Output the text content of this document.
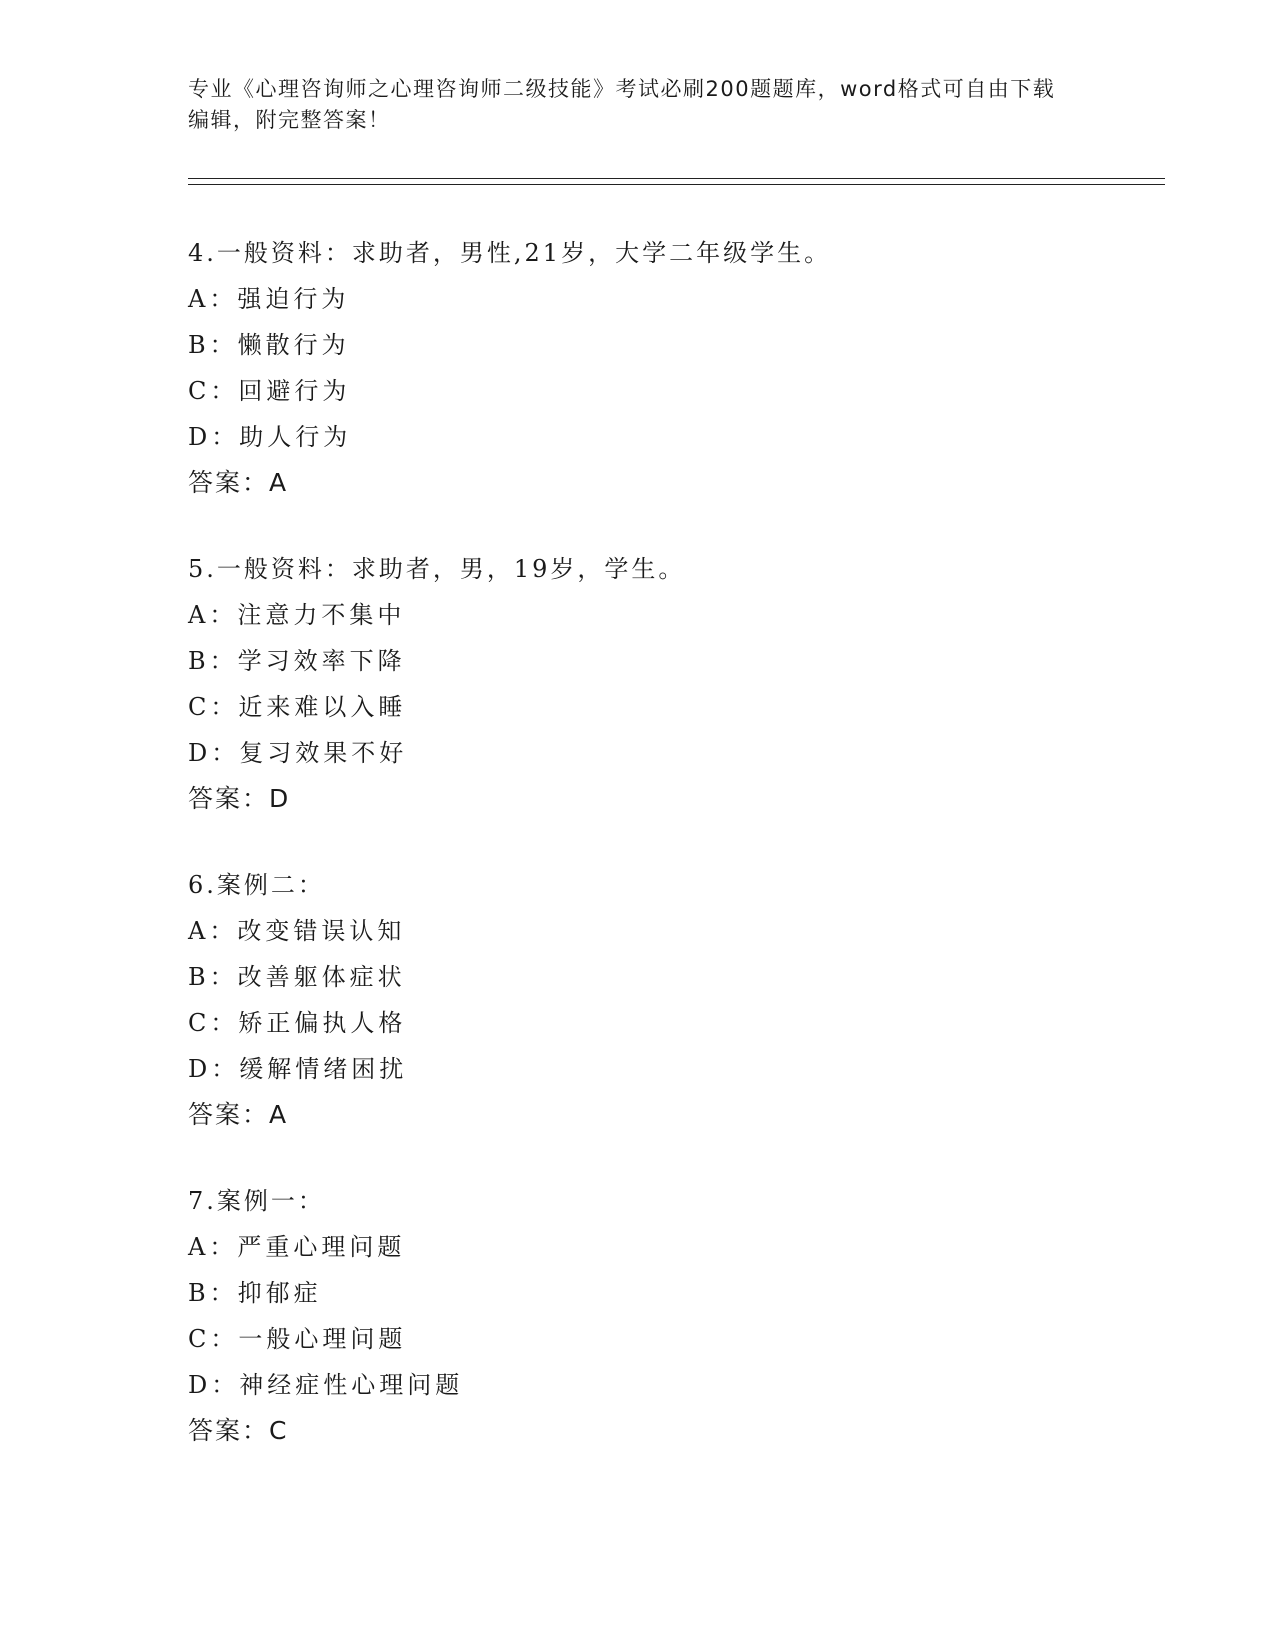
专业《心理咨询师之心理咨询师二级技能》考试必刷200题题库，word格式可自由下载编辑，附完整答案！
4.一般资料：求助者，男性,21岁，大学二年级学生。
A：强迫行为
B：懒散行为
C：回避行为
D：助人行为
答案：A
5.一般资料：求助者，男，19岁，学生。
A：注意力不集中
B：学习效率下降
C：近来难以入睡
D：复习效果不好
答案：D
6.案例二：
A：改变错误认知
B：改善躯体症状
C：矫正偏执人格
D：缓解情绪困扰
答案：A
7.案例一：
A：严重心理问题
B：抑郁症
C：一般心理问题
D：神经症性心理问题
答案：C
